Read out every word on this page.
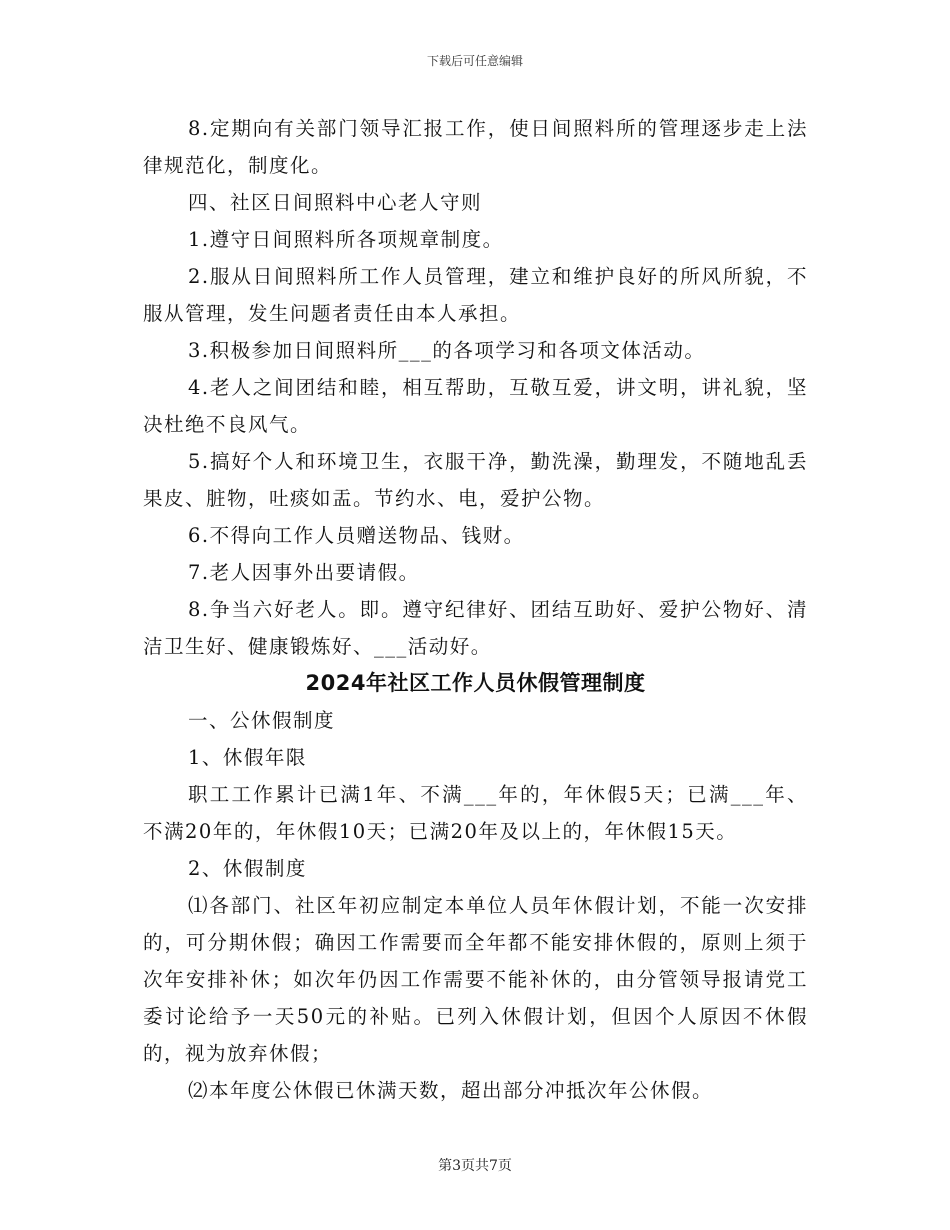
下载后可任意编辑

8.定期向有关部门领导汇报工作，使日间照料所的管理逐步走上法律规范化，制度化。

四、社区日间照料中心老人守则

1.遵守日间照料所各项规章制度。

2.服从日间照料所工作人员管理，建立和维护良好的所风所貌，不服从管理，发生问题者责任由本人承担。

3.积极参加日间照料所___的各项学习和各项文体活动。

4.老人之间团结和睦，相互帮助，互敬互爱，讲文明，讲礼貌，坚决杜绝不良风气。

5.搞好个人和环境卫生，衣服干净，勤洗澡，勤理发，不随地乱丢果皮、脏物，吐痰如盂。节约水、电，爱护公物。

6.不得向工作人员赠送物品、钱财。

7.老人因事外出要请假。

8.争当六好老人。即。遵守纪律好、团结互助好、爱护公物好、清洁卫生好、健康锻炼好、___活动好。

2024年社区工作人员休假管理制度

一、公休假制度

1、休假年限

职工工作累计已满1年、不满___年的，年休假5天；已满___年、不满20年的，年休假10天；已满20年及以上的，年休假15天。

2、休假制度

⑴各部门、社区年初应制定本单位人员年休假计划，不能一次安排的，可分期休假；确因工作需要而全年都不能安排休假的，原则上须于次年安排补休；如次年仍因工作需要不能补休的，由分管领导报请党工委讨论给予一天50元的补贴。已列入休假计划，但因个人原因不休假的，视为放弃休假；

⑵本年度公休假已休满天数，超出部分冲抵次年公休假。

第3页共7页
